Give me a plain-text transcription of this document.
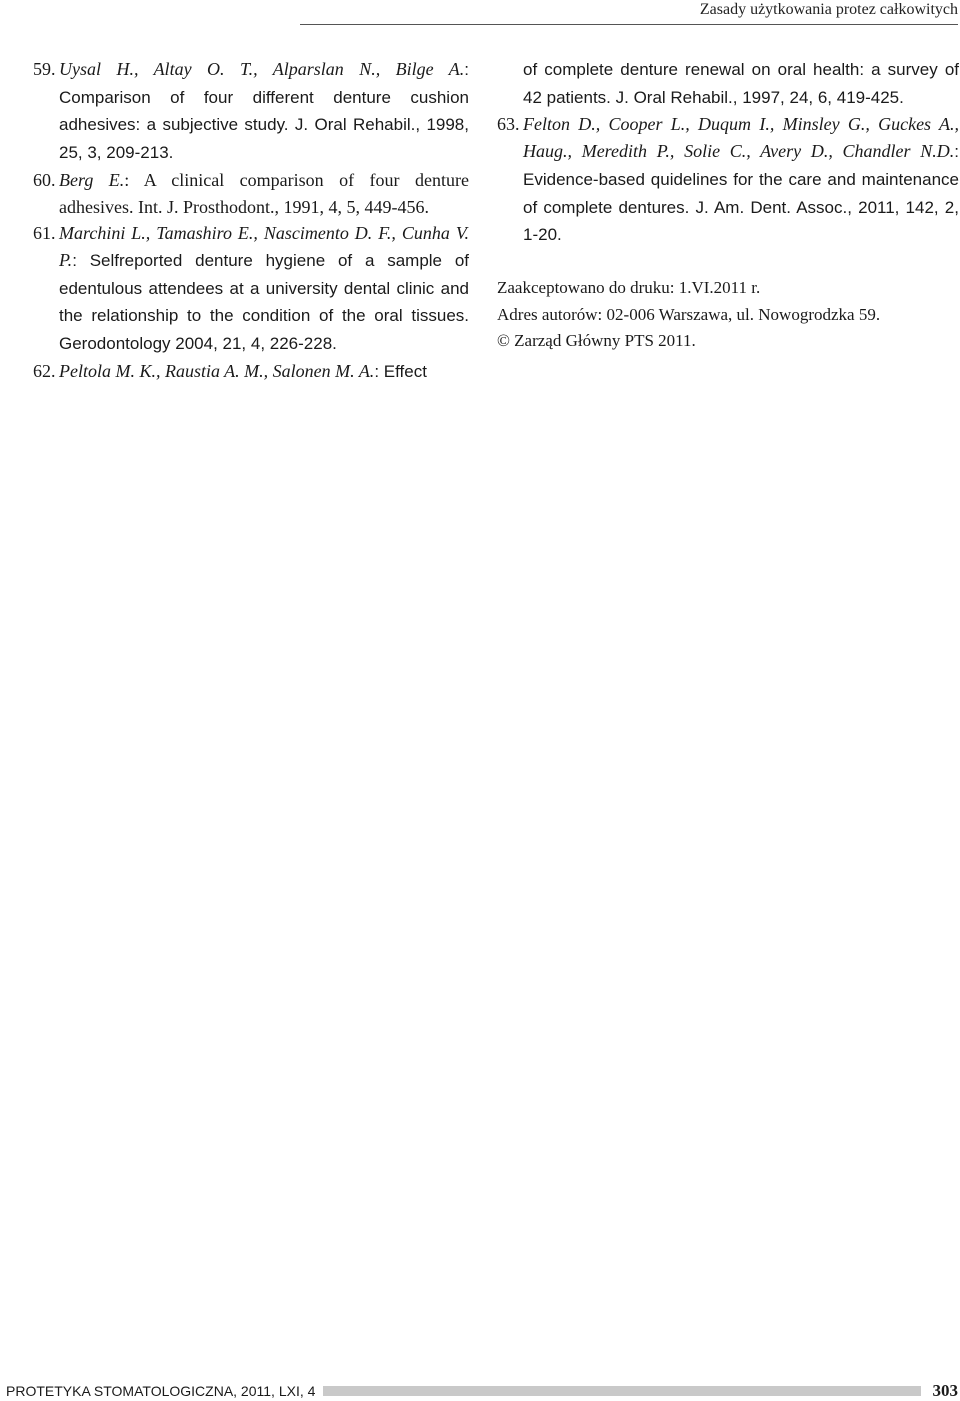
Zasady użytkowania protez całkowitych
59. Uysal H., Altay O. T., Alparslan N., Bilge A.: Comparison of four different denture cushion adhesives: a subjective study. J. Oral Rehabil., 1998, 25, 3, 209-213.
60. Berg E.: A clinical comparison of four denture adhesives. Int. J. Prosthodont., 1991, 4, 5, 449-456.
61. Marchini L., Tamashiro E., Nascimento D. F., Cunha V. P.: Selfreported denture hygiene of a sample of edentulous attendees at a university dental clinic and the relationship to the condition of the oral tissues. Gerodontology 2004, 21, 4, 226-228.
62. Peltola M. K., Raustia A. M., Salonen M. A.: Effect
of complete denture renewal on oral health: a survey of 42 patients. J. Oral Rehabil., 1997, 24, 6, 419-425.
63. Felton D., Cooper L., Duqum I., Minsley G., Guckes A., Haug., Meredith P., Solie C., Avery D., Chandler N.D.: Evidence-based quidelines for the care and maintenance of complete dentures. J. Am. Dent. Assoc., 2011, 142, 2, 1-20.

Zaakceptowano do druku: 1.VI.2011 r.

Adres autorów: 02-006 Warszawa, ul. Nowogrodzka 59.

© Zarząd Główny PTS 2011.

PROTETYKA STOMATOLOGICZNA, 2011, LXI, 4	303
